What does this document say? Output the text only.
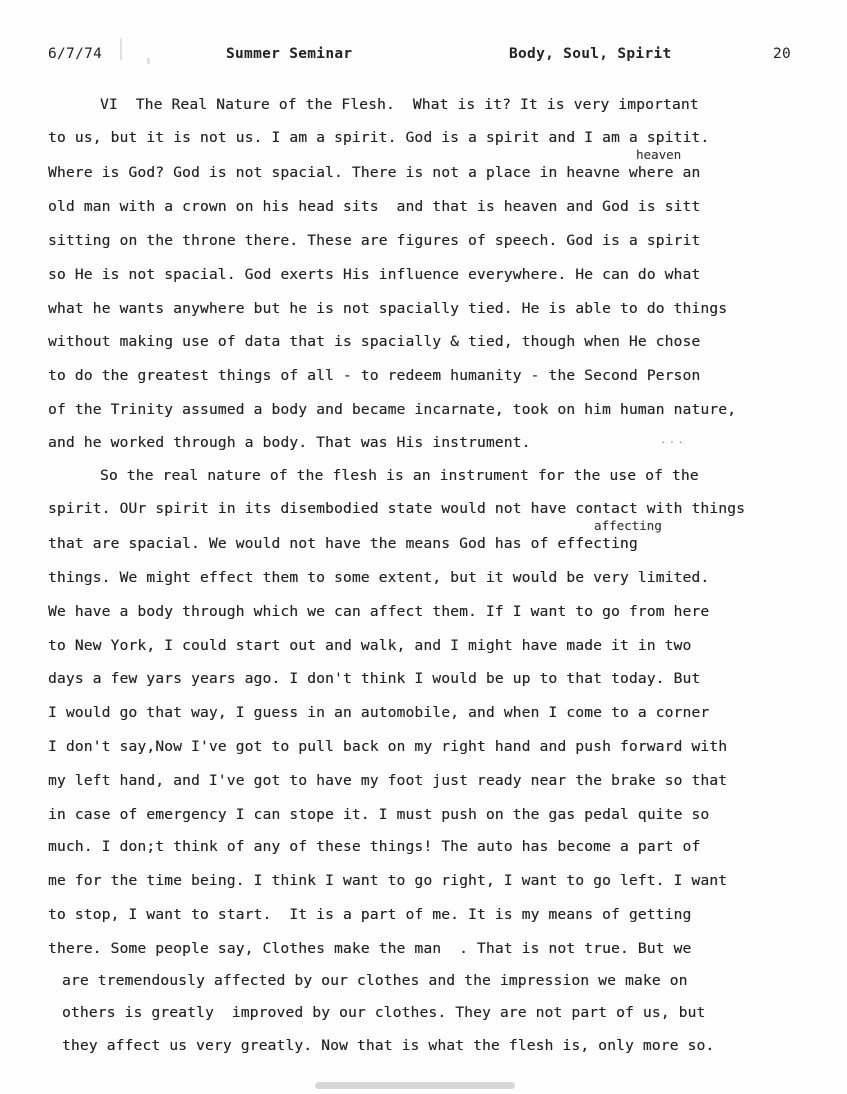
6/7/74	Summer Seminar	Body, Soul, Spirit	20
heaven
affecting
VI  The Real Nature of the Flesh.  What is it? It is very important
to us, but it is not us. I am a spirit. God is a spirit and I am a spitit.
Where is God? God is not spacial. There is not a place in heavne where an
old man with a crown on his head sits  and that is heaven and God is sitt
sitting on the throne there. These are figures of speech. God is a spirit
so He is not spacial. God exerts His influence everywhere. He can do what
what he wants anywhere but he is not spacially tied. He is able to do things
without making use of data that is spacially & tied, though when He chose
to do the greatest things of all - to redeem humanity - the Second Person
of the Trinity assumed a body and became incarnate, took on him human nature,
and he worked through a body. That was His instrument.	...
So the real nature of the flesh is an instrument for the use of the
spirit. OUr spirit in its disembodied state would not have contact with things
that are spacial. We would not have the means God has of effecting
things. We might effect them to some extent, but it would be very limited.
We have a body through which we can affect them. If I want to go from here
to New York, I could start out and walk, and I might have made it in two
days a few yars years ago. I don't think I would be up to that today. But
I would go that way, I guess in an automobile, and when I come to a corner
I don't say,Now I've got to pull back on my right hand and push forward with
my left hand, and I've got to have my foot just ready near the brake so that
in case of emergency I can stope it. I must push on the gas pedal quite so
much. I don;t think of any of these things! The auto has become a part of
me for the time being. I think I want to go right, I want to go left. I want
to stop, I want to start.  It is a part of me. It is my means of getting
there. Some people say, Clothes make the man  . That is not true. But we
are tremendously affected by our clothes and the impression we make on
others is greatly  improved by our clothes. They are not part of us, but
they affect us very greatly. Now that is what the flesh is, only more so.
